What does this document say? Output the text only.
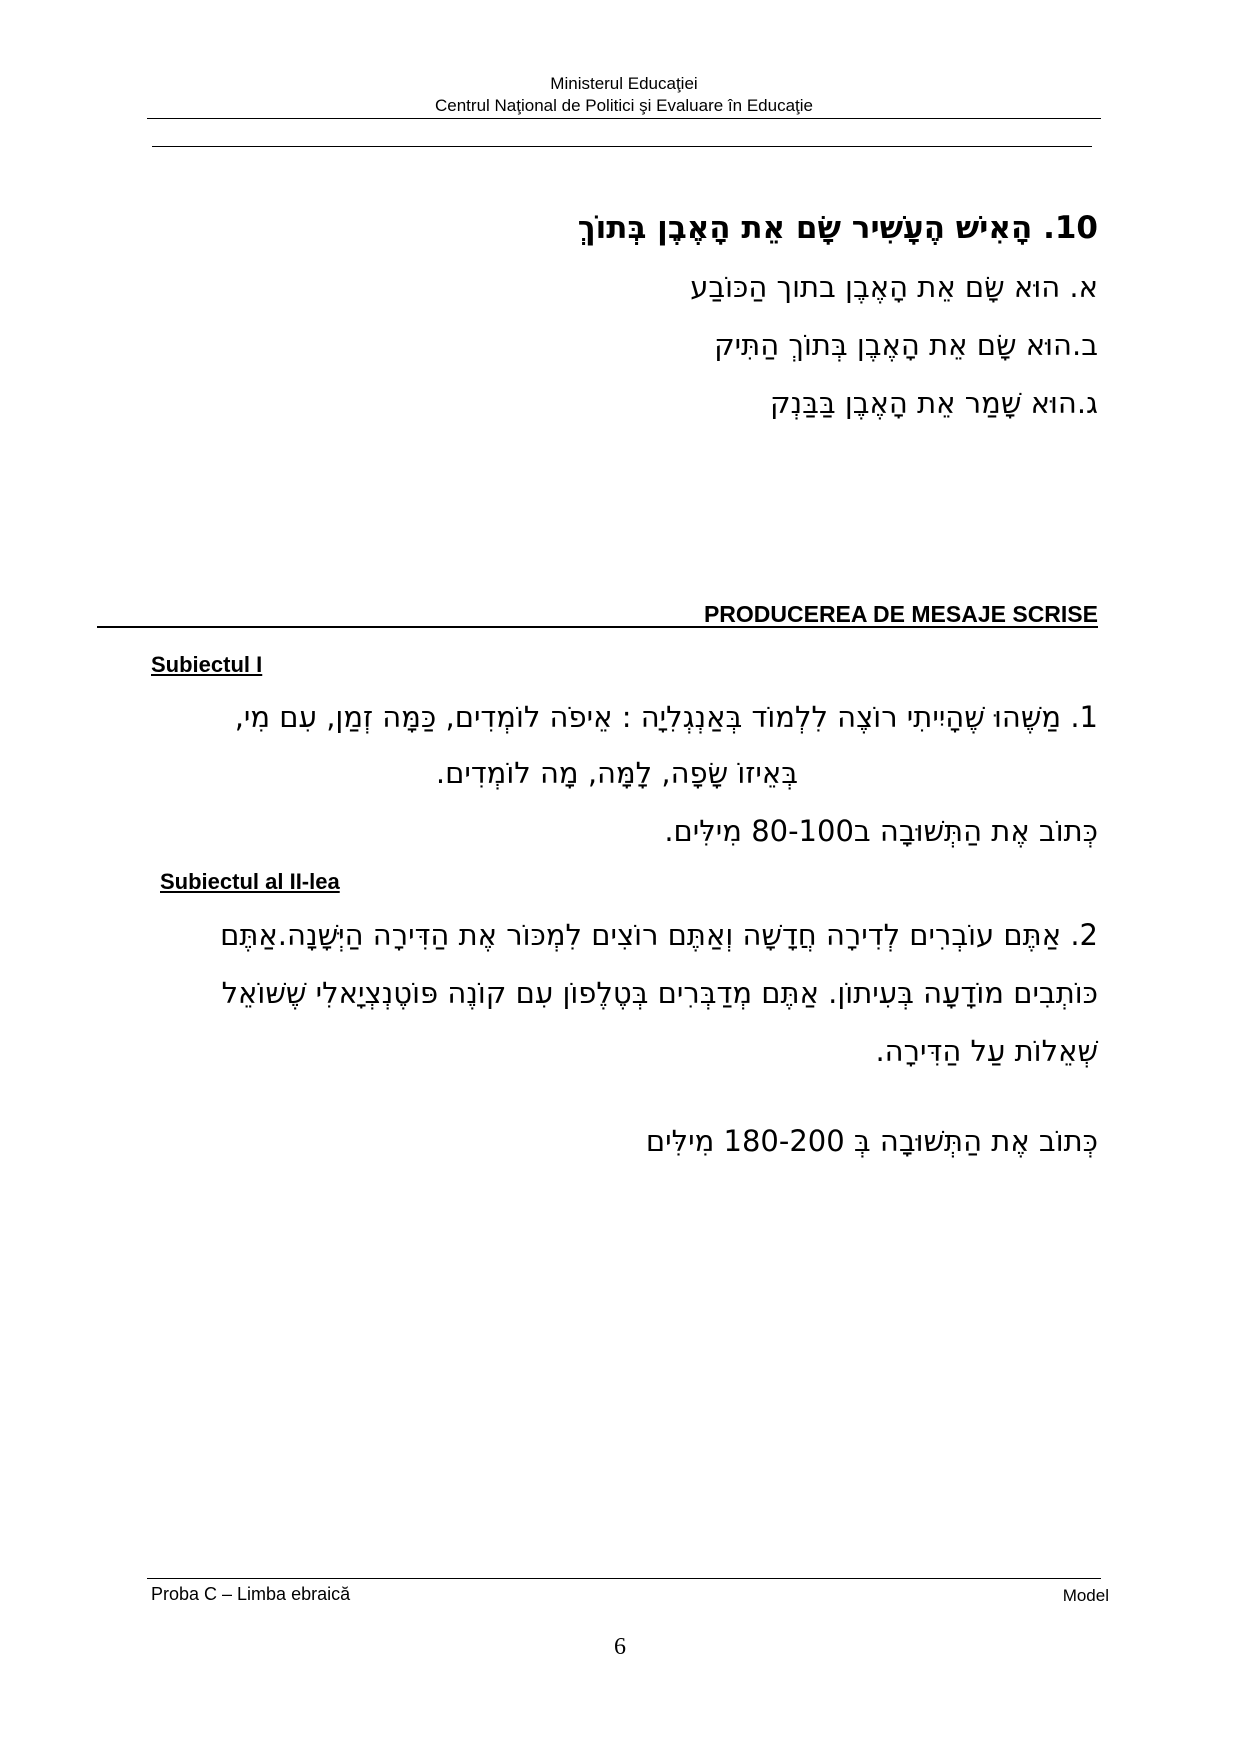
Ministerul Educaţiei
Centrul Naţional de Politici şi Evaluare în Educaţie
10. הָאִישׁ הֶעָשִׁיר שָׂם אֵת הָאֶבֶן בְּתוֹךְ
א. הוּא שָׂם אֵת הָאֶבֶן בתוך הַכּוֹבַע
ב.הוּא שָׂם אֵת הָאֶבֶן בְּתוֹךְ הַתִּיק
ג.הוּא שָׁמַר אֵת הָאֶבֶן בַּבַּנְק
PRODUCEREA DE MESAJE SCRISE
Subiectul I
1. מַשֶּׁהוּ שֶׁהָיִיתִי רוֹצֶה לִלְמוֹד בְּאַנְגְלִיָה : אֵיפֹה לוֹמְדִים, כַּמָּה זְמַן, עִם מִי,
בְּאֵיזוֹ שָׂפָה, לָמָּה, מָה לוֹמְדִים.
כְּתוֹב אֶת הַתְּשׁוּבָה ב80-100 מִילִּים.
Subiectul al II-lea
2. אַתֶּם עוֹבְרִים לְדִירָה חֲדָשָׁה וְאַתֶּם רוֹצִים לִמְכּוֹר אֶת הַדִּירָה הַיְּשָׁנָה.אַתֶּם
כּוֹתְבִים מוֹדָעָה בְּעִיתוֹן. אַתֶּם מְדַבְּרִים בְּטֶלֶפוֹן עִם קוֹנֶה פּוֹטֶנְצְיָאלִי שֶׁשּׁוֹאֵל
שְׁאֵלוֹת עַל הַדִּירָה.
כְּתוֹב אֶת הַתְּשׁוּבָה בְּ 180-200 מִילִּים
Proba C – Limba ebraică	Model
6
